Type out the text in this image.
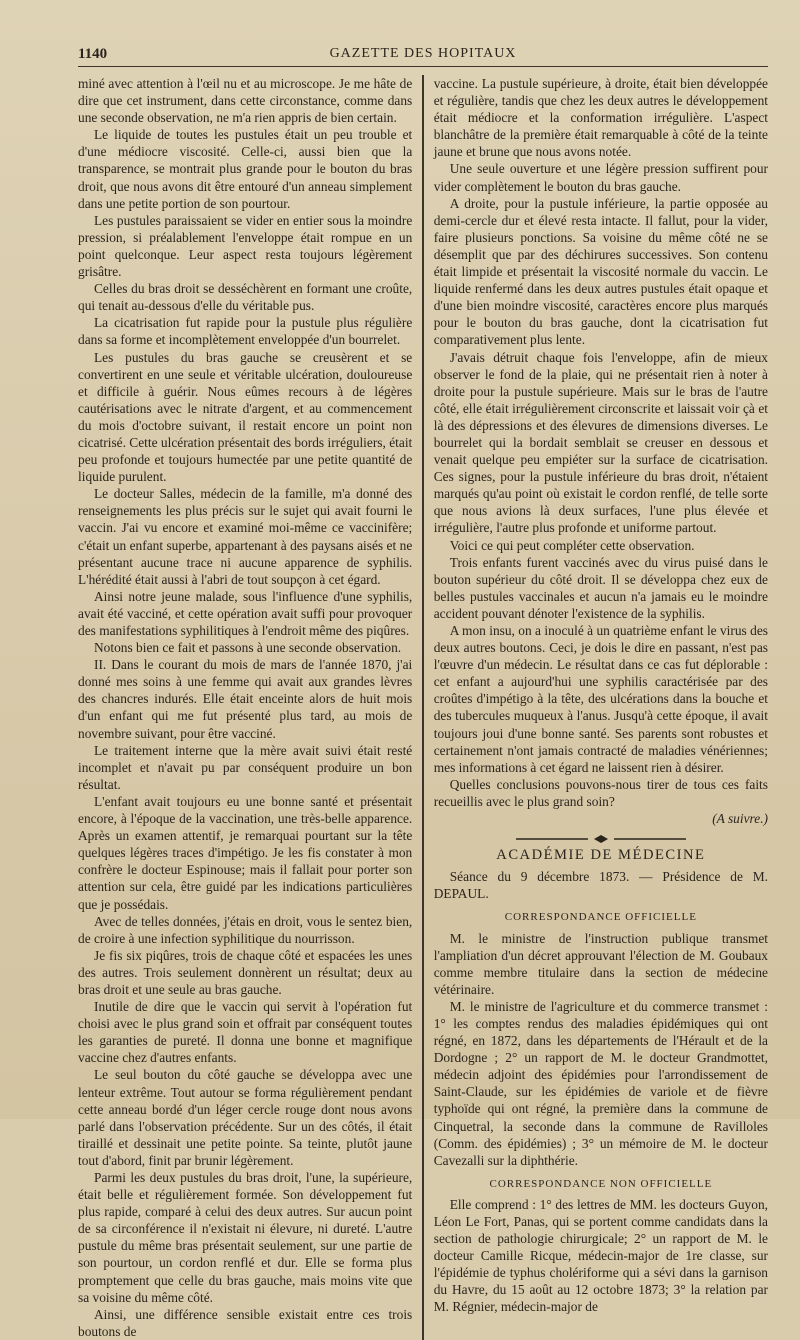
1140	GAZETTE DES HOPITAUX

miné avec attention à l'œil nu et au microscope. Je me hâte de dire que cet instrument, dans cette circonstance, comme dans une seconde observation, ne m'a rien appris de bien certain.

Le liquide de toutes les pustules était un peu trouble et d'une médiocre viscosité. Celle-ci, aussi bien que la transparence, se montrait plus grande pour le bouton du bras droit, que nous avons dit être entouré d'un anneau simplement dans une petite portion de son pourtour.

Les pustules paraissaient se vider en entier sous la moindre pression, si préalablement l'enveloppe était rompue en un point quelconque. Leur aspect resta toujours légèrement grisâtre.

Celles du bras droit se desséchèrent en formant une croûte, qui tenait au-dessous d'elle du véritable pus.

La cicatrisation fut rapide pour la pustule plus régulière dans sa forme et incomplètement enveloppée d'un bourrelet.

Les pustules du bras gauche se creusèrent et se convertirent en une seule et véritable ulcération, douloureuse et difficile à guérir. Nous eûmes recours à de légères cautérisations avec le nitrate d'argent, et au commencement du mois d'octobre suivant, il restait encore un point non cicatrisé. Cette ulcération présentait des bords irréguliers, était peu profonde et toujours humectée par une petite quantité de liquide purulent.

Le docteur Salles, médecin de la famille, m'a donné des renseignements les plus précis sur le sujet qui avait fourni le vaccin. J'ai vu encore et examiné moi-même ce vaccinifère; c'était un enfant superbe, appartenant à des paysans aisés et ne présentant aucune trace ni aucune apparence de syphilis. L'hérédité était aussi à l'abri de tout soupçon à cet égard.

Ainsi notre jeune malade, sous l'influence d'une syphilis, avait été vacciné, et cette opération avait suffi pour provoquer des manifestations syphilitiques à l'endroit même des piqûres.

Notons bien ce fait et passons à une seconde observation.

II. Dans le courant du mois de mars de l'année 1870, j'ai donné mes soins à une femme qui avait aux grandes lèvres des chancres indurés. Elle était enceinte alors de huit mois d'un enfant qui me fut présenté plus tard, au mois de novembre suivant, pour être vacciné.

Le traitement interne que la mère avait suivi était resté incomplet et n'avait pu par conséquent produire un bon résultat.

L'enfant avait toujours eu une bonne santé et présentait encore, à l'époque de la vaccination, une très-belle apparence. Après un examen attentif, je remarquai pourtant sur la tête quelques légères traces d'impétigo. Je les fis constater à mon confrère le docteur Espinouse; mais il fallait pour porter son attention sur cela, être guidé par les indications particulières que je possédais.

Avec de telles données, j'étais en droit, vous le sentez bien, de croire à une infection syphilitique du nourrisson.

Je fis six piqûres, trois de chaque côté et espacées les unes des autres. Trois seulement donnèrent un résultat; deux au bras droit et une seule au bras gauche.

Inutile de dire que le vaccin qui servit à l'opération fut choisi avec le plus grand soin et offrait par conséquent toutes les garanties de pureté. Il donna une bonne et magnifique vaccine chez d'autres enfants.

Le seul bouton du côté gauche se développa avec une lenteur extrême. Tout autour se forma régulièrement pendant cette anneau bordé d'un léger cercle rouge dont nous avons parlé dans l'observation précédente. Sur un des côtés, il était tiraillé et dessinait une petite pointe. Sa teinte, plutôt jaune tout d'abord, finit par brunir légèrement.

Parmi les deux pustules du bras droit, l'une, la supérieure, était belle et régulièrement formée. Son développement fut plus rapide, comparé à celui des deux autres. Sur aucun point de sa circonférence il n'existait ni élevure, ni dureté. L'autre pustule du même bras présentait seulement, sur une partie de son pourtour, un cordon renflé et dur. Elle se forma plus promptement que celle du bras gauche, mais moins vite que sa voisine du même côté.

Ainsi, une différence sensible existait entre ces trois boutons de

vaccine. La pustule supérieure, à droite, était bien développée et régulière, tandis que chez les deux autres le développement était médiocre et la conformation irrégulière. L'aspect blanchâtre de la première était remarquable à côté de la teinte jaune et brune que nous avons notée.

Une seule ouverture et une légère pression suffirent pour vider complètement le bouton du bras gauche.

A droite, pour la pustule inférieure, la partie opposée au demi-cercle dur et élevé resta intacte. Il fallut, pour la vider, faire plusieurs ponctions. Sa voisine du même côté ne se désemplit que par des déchirures successives. Son contenu était limpide et présentait la viscosité normale du vaccin. Le liquide renfermé dans les deux autres pustules était opaque et d'une bien moindre viscosité, caractères encore plus marqués pour le bouton du bras gauche, dont la cicatrisation fut comparativement plus lente.

J'avais détruit chaque fois l'enveloppe, afin de mieux observer le fond de la plaie, qui ne présentait rien à noter à droite pour la pustule supérieure. Mais sur le bras de l'autre côté, elle était irrégulièrement circonscrite et laissait voir çà et là des dépressions et des élevures de dimensions diverses. Le bourrelet qui la bordait semblait se creuser en dessous et venait quelque peu empiéter sur la surface de cicatrisation. Ces signes, pour la pustule inférieure du bras droit, n'étaient marqués qu'au point où existait le cordon renflé, de telle sorte que nous avions là deux surfaces, l'une plus élevée et irrégulière, l'autre plus profonde et uniforme partout.

Voici ce qui peut compléter cette observation.

Trois enfants furent vaccinés avec du virus puisé dans le bouton supérieur du côté droit. Il se développa chez eux de belles pustules vaccinales et aucun n'a jamais eu le moindre accident pouvant dénoter l'existence de la syphilis.

A mon insu, on a inoculé à un quatrième enfant le virus des deux autres boutons. Ceci, je dois le dire en passant, n'est pas l'œuvre d'un médecin. Le résultat dans ce cas fut déplorable : cet enfant a aujourd'hui une syphilis caractérisée par des croûtes d'impétigo à la tête, des ulcérations dans la bouche et des tubercules muqueux à l'anus. Jusqu'à cette époque, il avait toujours joui d'une bonne santé. Ses parents sont robustes et certainement n'ont jamais contracté de maladies vénériennes; mes informations à cet égard ne laissent rien à désirer.

Quelles conclusions pouvons-nous tirer de tous ces faits recueillis avec le plus grand soin?

(A suivre.)

ACADÉMIE DE MÉDECINE

Séance du 9 décembre 1873. — Présidence de M. DEPAUL.

CORRESPONDANCE OFFICIELLE

M. le ministre de l'instruction publique transmet l'ampliation d'un décret approuvant l'élection de M. Goubaux comme membre titulaire dans la section de médecine vétérinaire.

M. le ministre de l'agriculture et du commerce transmet : 1° les comptes rendus des maladies épidémiques qui ont régné, en 1872, dans les départements de l'Hérault et de la Dordogne ; 2° un rapport de M. le docteur Grandmottet, médecin adjoint des épidémies pour l'arrondissement de Saint-Claude, sur les épidémies de variole et de fièvre typhoïde qui ont régné, la première dans la commune de Cinquetral, la seconde dans la commune de Ravilloles (Comm. des épidémies) ; 3° un mémoire de M. le docteur Cavezalli sur la diphthérie.

CORRESPONDANCE NON OFFICIELLE

Elle comprend : 1° des lettres de MM. les docteurs Guyon, Léon Le Fort, Panas, qui se portent comme candidats dans la section de pathologie chirurgicale; 2° un rapport de M. le docteur Camille Ricque, médecin-major de 1re classe, sur l'épidémie de typhus cholériforme qui a sévi dans la garnison du Havre, du 15 août au 12 octobre 1873; 3° la relation par M. Régnier, médecin-major de
